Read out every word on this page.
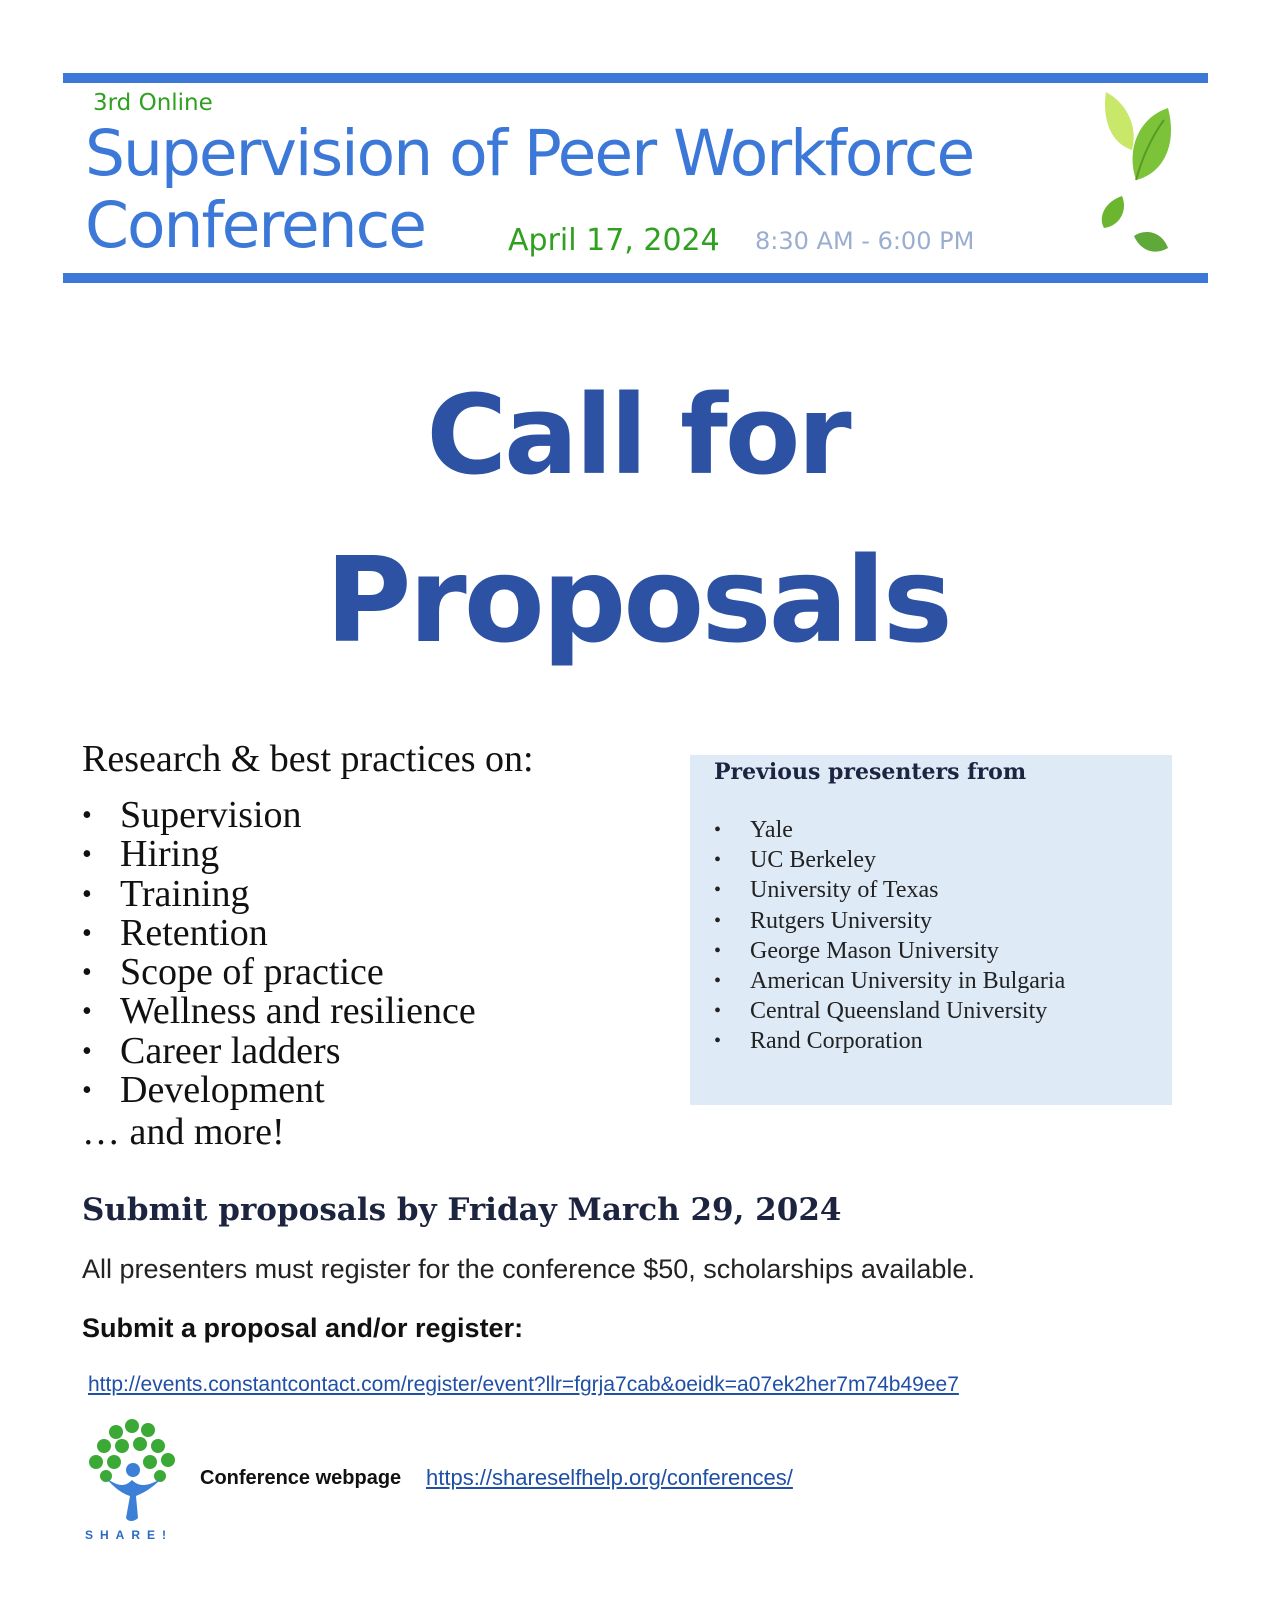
3rd Online
Supervision of Peer Workforce
Conference	April 17, 2024 8:30 AM - 6:00 PM
Call for
Proposals
Research & best practices on:
• Supervision
• Hiring
• Training
• Retention
• Scope of practice
• Wellness and resilience
• Career ladders
• Development
… and more!
Previous presenters from
• Yale
• UC Berkeley
• University of Texas
• Rutgers University
• George Mason University
• American University in Bulgaria
• Central Queensland University
• Rand Corporation
Submit proposals by Friday March 29, 2024
All presenters must register for the conference $50, scholarships available.
Submit a proposal and/or register:
http://events.constantcontact.com/register/event?llr=fgrja7cab&oeidk=a07ek2her7m74b49ee7
SHARE!
Conference webpage https://shareselfhelp.org/conferences/
